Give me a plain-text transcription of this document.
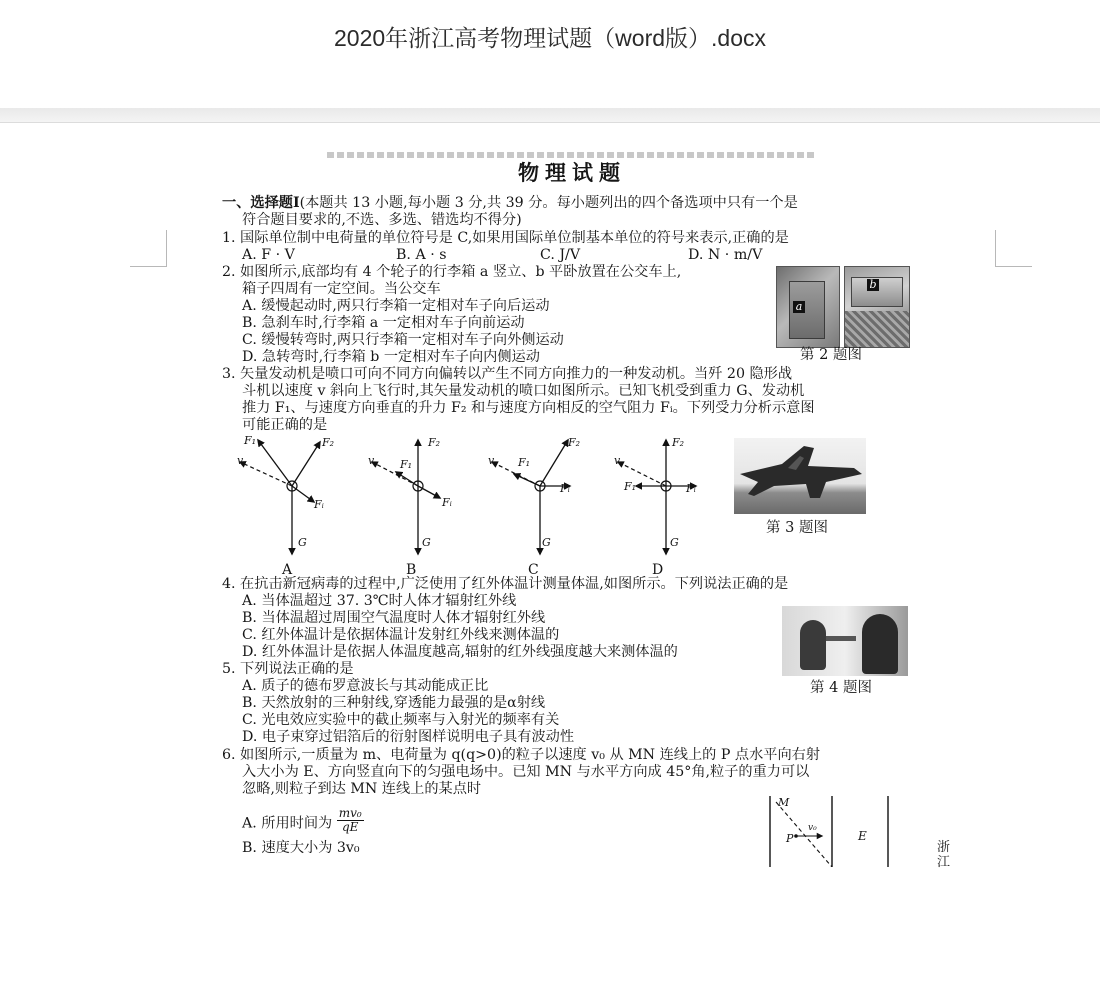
2020年浙江高考物理试题（word版）.docx
物理试题
一、选择题Ⅰ(本题共 13 小题,每小题 3 分,共 39 分。每小题列出的四个备选项中只有一个是
符合题目要求的,不选、多选、错选均不得分)
1. 国际单位制中电荷量的单位符号是 C,如果用国际单位制基本单位的符号来表示,正确的是
A. F · V	B. A · s	C. J/V	D. N · m/V
2. 如图所示,底部均有 4 个轮子的行李箱 a 竖立、b 平卧放置在公交车上,
箱子四周有一定空间。当公交车
A. 缓慢起动时,两只行李箱一定相对车子向后运动
B. 急刹车时,行李箱 a 一定相对车子向前运动
C. 缓慢转弯时,两只行李箱一定相对车子向外侧运动
D. 急转弯时,行李箱 b 一定相对车子向内侧运动
a
b
第 2 题图
3. 矢量发动机是喷口可向不同方向偏转以产生不同方向推力的一种发动机。当歼 20 隐形战
斗机以速度 v 斜向上飞行时,其矢量发动机的喷口如图所示。已知飞机受到重力 G、发动机
推力 F₁、与速度方向垂直的升力 F₂ 和与速度方向相反的空气阻力 Fᵢ。下列受力分析示意图
可能正确的是
F₁	F₂
v
Fᵢ
G
A
F₂
F₁
v
Fᵢ
G
B
F₂
F₁
v
Fᵢ
G
C
F₂
F₁
v
Fᵢ
G
D
第 3 题图
4. 在抗击新冠病毒的过程中,广泛使用了红外体温计测量体温,如图所示。下列说法正确的是
A. 当体温超过 37. 3℃时人体才辐射红外线
B. 当体温超过周围空气温度时人体才辐射红外线
C. 红外体温计是依据体温计发射红外线来测体温的
D. 红外体温计是依据人体温度越高,辐射的红外线强度越大来测体温的
第 4 题图
5. 下列说法正确的是
A. 质子的德布罗意波长与其动能成正比
B. 天然放射的三种射线,穿透能力最强的是α射线
C. 光电效应实验中的截止频率与入射光的频率有关
D. 电子束穿过铝箔后的衍射图样说明电子具有波动性
6. 如图所示,一质量为 m、电荷量为 q(q>0)的粒子以速度 v₀ 从 MN 连线上的 P 点水平向右射
入大小为 E、方向竖直向下的匀强电场中。已知 MN 与水平方向成 45°角,粒子的重力可以
忽略,则粒子到达 MN 连线上的某点时
A. 所用时间为 $\frac{\text{mv₀}}{qE}$
B. 速度大小为 3v₀
M
P
v₀
E
浙江
